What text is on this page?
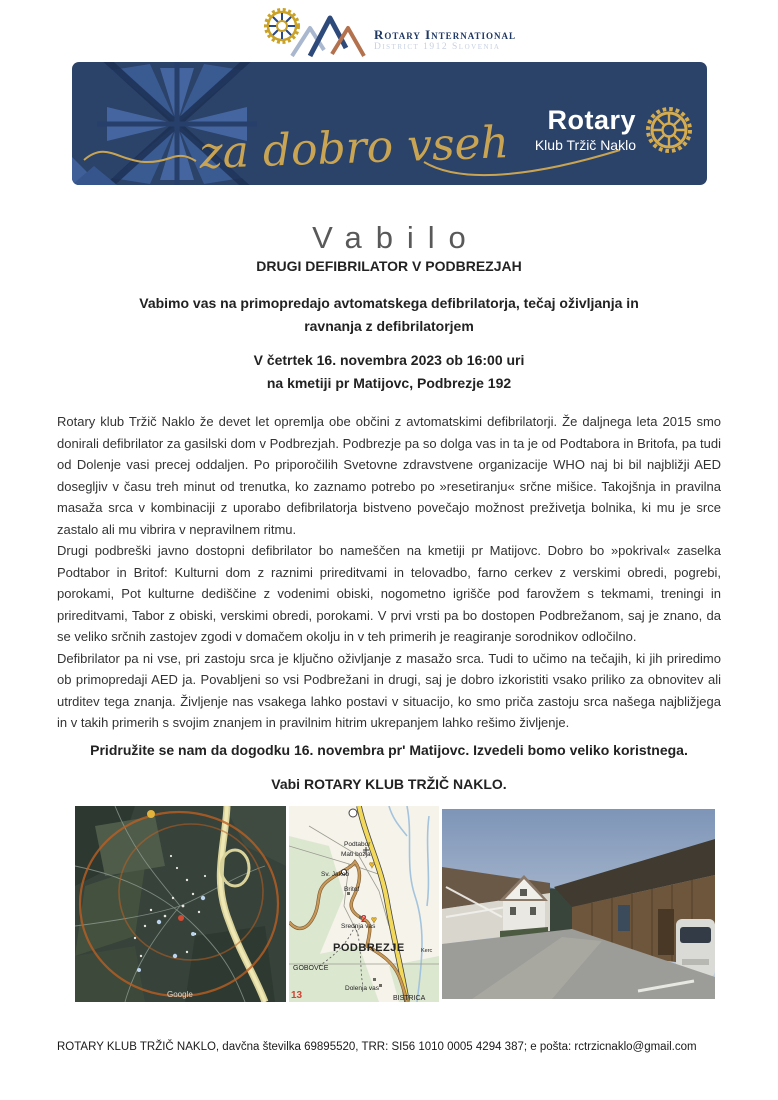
Rotary International
District 1912 Slovenia
za dobro vseh	Rotary
Klub Tržič Naklo
Vabilo
DRUGI DEFIBRILATOR V PODBREZJAH
Vabimo vas na primopredajo avtomatskega defibrilatorja, tečaj oživljanja in ravnanja z defibrilatorjem
V četrtek 16. novembra 2023 ob 16:00 uri
na kmetiji pr Matijovc, Podbrezje 192

Rotary klub Tržič Naklo že devet let opremlja obe občini z avtomatskimi defibrilatorji. Že daljnega leta 2015 smo donirali defibrilator za gasilski dom v Podbrezjah. Podbrezje pa so dolga vas in ta je od Podtabora in Britofa, pa tudi od Dolenje vasi precej oddaljen. Po priporočilih Svetovne zdravstvene organizacije WHO naj bi bil najbližji AED dosegljiv v času treh minut od trenutka, ko zaznamo potrebo po »resetiranju« srčne mišice. Takojšnja in pravilna masaža srca v kombinaciji z uporabo defibrilatorja bistveno povečajo možnost preživetja bolnika, ki mu je srce zastalo ali mu vibrira v nepravilnem ritmu.

Drugi podbreški javno dostopni defibrilator bo nameščen na kmetiji pr Matijovc. Dobro bo »pokrival« zaselka Podtabor in Britof: Kulturni dom z raznimi prireditvami in telovadbo, farno cerkev z verskimi obredi, pogrebi, porokami, Pot kulturne dediščine z vodenimi obiski, nogometno igrišče pod farovžem s tekmami, treningi in prireditvami, Tabor z obiski, verskimi obredi, porokami. V prvi vrsti pa bo dostopen Podbrežanom, saj je znano, da se veliko srčnih zastojev zgodi v domačem okolju in v teh primerih je reagiranje sorodnikov odločilno.

Defibrilator pa ni vse, pri zastoju srca je ključno oživljanje z masažo srca. Tudi to učimo na tečajih, ki jih priredimo ob primopredaji AED ja. Povabljeni so vsi Podbrežani in drugi, saj je dobro izkoristiti vsako priliko za obnovitev ali utrditev tega znanja. Življenje nas vsakega lahko postavi v situacijo, ko smo priča zastoju srca našega najbližjega in v takih primerih s svojim znanjem in pravilnim hitrim ukrepanjem lahko rešimo življenje.

Pridružite se nam da dogodku 16. novembra pr' Matijovc. Izvedeli bomo veliko koristnega.
Vabi ROTARY KLUB TRŽIČ NAKLO.
Google
Podtabor
Mati božja
Sv. Jakob
Britof
Srednja vas
PODBREZJE	Kerc
GOBOVCE
Dolenja vas
BISTRICA
2
13
♥
♥
ROTARY KLUB TRŽIČ NAKLO, davčna številka 69895520, TRR: SI56 1010 0005 4294 387; e pošta: rctrzicnaklo@gmail.com
